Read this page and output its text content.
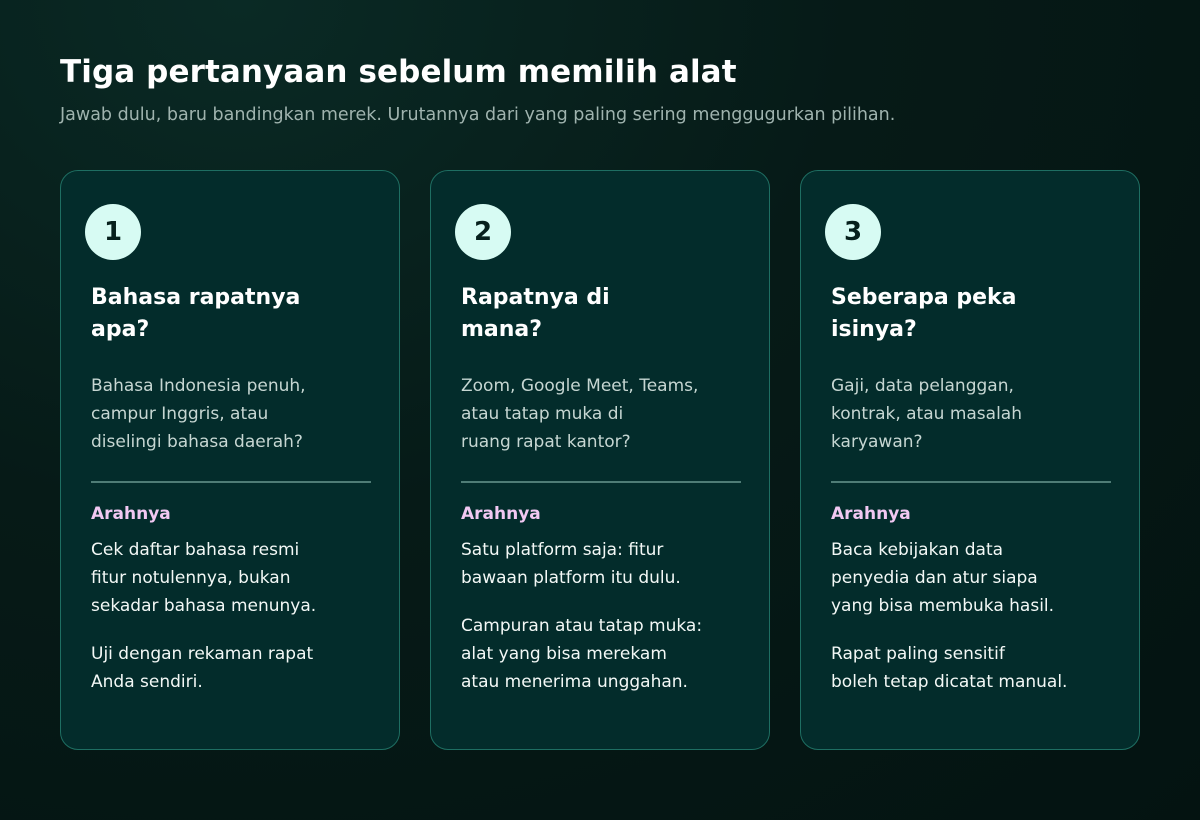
Tiga pertanyaan sebelum memilih alat
Jawab dulu, baru bandingkan merek. Urutannya dari yang paling sering menggugurkan pilihan.
1
Bahasa rapatnya
apa?
Bahasa Indonesia penuh,
campur Inggris, atau
diselingi bahasa daerah?
Arahnya

Cek daftar bahasa resmi
fitur notulennya, bukan
sekadar bahasa menunya.

Uji dengan rekaman rapat
Anda sendiri.

2
Rapatnya di
mana?
Zoom, Google Meet, Teams,
atau tatap muka di
ruang rapat kantor?
Arahnya

Satu platform saja: fitur
bawaan platform itu dulu.

Campuran atau tatap muka:
alat yang bisa merekam
atau menerima unggahan.

3
Seberapa peka
isinya?
Gaji, data pelanggan,
kontrak, atau masalah
karyawan?
Arahnya

Baca kebijakan data
penyedia dan atur siapa
yang bisa membuka hasil.

Rapat paling sensitif
boleh tetap dicatat manual.
